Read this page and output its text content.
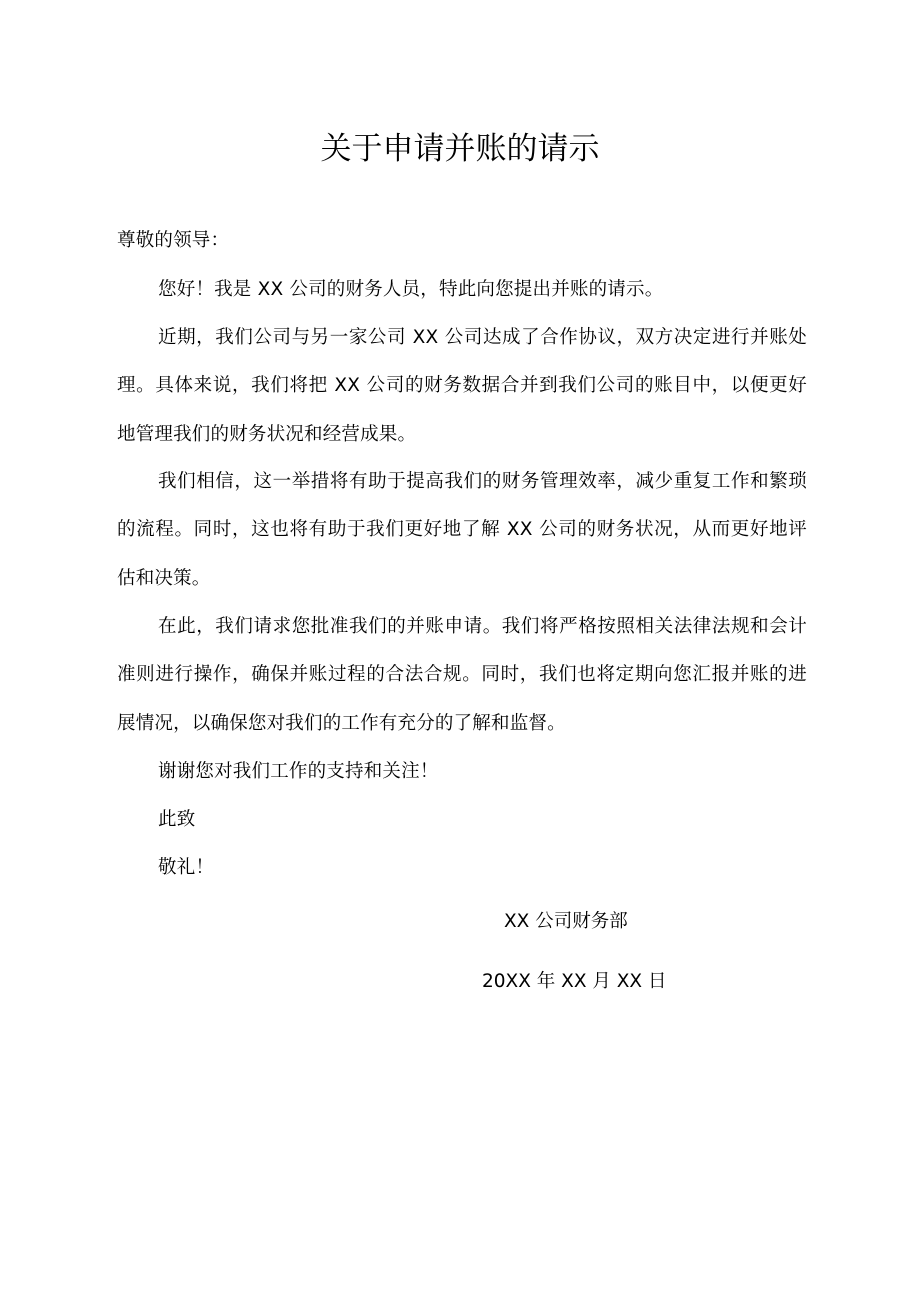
关于申请并账的请示

尊敬的领导：

您好！我是 XX 公司的财务人员，特此向您提出并账的请示。

近期，我们公司与另一家公司 XX 公司达成了合作协议，双方决定进行并账处理。具体来说，我们将把 XX 公司的财务数据合并到我们公司的账目中，以便更好地管理我们的财务状况和经营成果。

我们相信，这一举措将有助于提高我们的财务管理效率，减少重复工作和繁琐的流程。同时，这也将有助于我们更好地了解 XX 公司的财务状况，从而更好地评估和决策。

在此，我们请求您批准我们的并账申请。我们将严格按照相关法律法规和会计准则进行操作，确保并账过程的合法合规。同时，我们也将定期向您汇报并账的进展情况，以确保您对我们的工作有充分的了解和监督。

谢谢您对我们工作的支持和关注！

此致

敬礼！

XX 公司财务部

20XX 年 XX 月 XX 日
